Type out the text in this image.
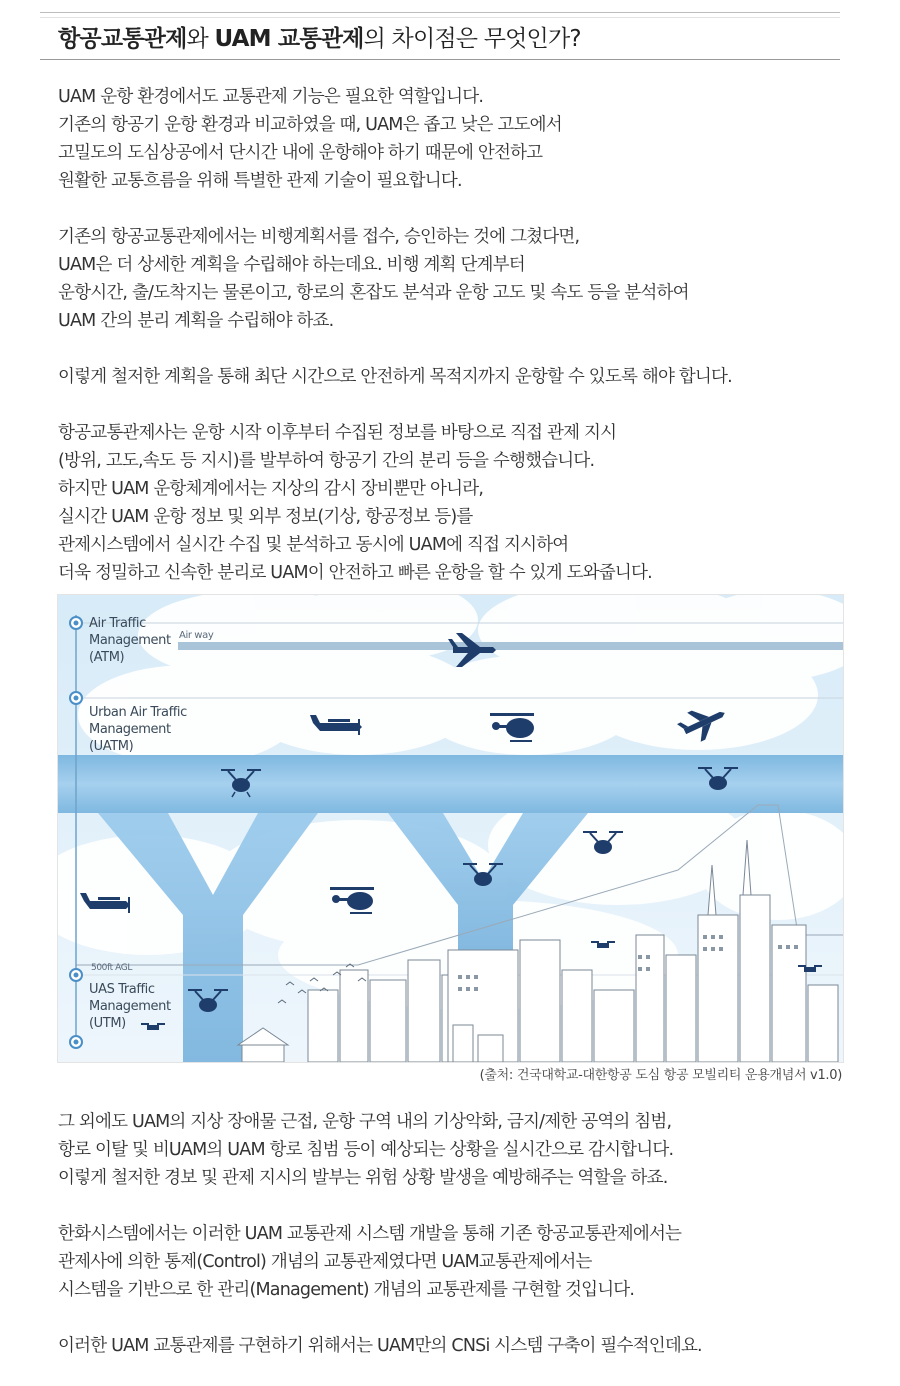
항공교통관제와 UAM 교통관제의 차이점은 무엇인가?

UAM 운항 환경에서도 교통관제 기능은 필요한 역할입니다.
기존의 항공기 운항 환경과 비교하였을 때, UAM은 좁고 낮은 고도에서
고밀도의 도심상공에서 단시간 내에 운항해야 하기 때문에 안전하고
원활한 교통흐름을 위해 특별한 관제 기술이 필요합니다.

기존의 항공교통관제에서는 비행계획서를 접수, 승인하는 것에 그쳤다면,
UAM은 더 상세한 계획을 수립해야 하는데요. 비행 계획 단계부터
운항시간, 출/도착지는 물론이고, 항로의 혼잡도 분석과 운항 고도 및 속도 등을 분석하여
UAM 간의 분리 계획을 수립해야 하죠.

이렇게 철저한 계획을 통해 최단 시간으로 안전하게 목적지까지 운항할 수 있도록 해야 합니다.

항공교통관제사는 운항 시작 이후부터 수집된 정보를 바탕으로 직접 관제 지시
(방위, 고도,속도 등 지시)를 발부하여 항공기 간의 분리 등을 수행했습니다.
하지만 UAM 운항체계에서는 지상의 감시 장비뿐만 아니라,
실시간 UAM 운항 정보 및 외부 정보(기상, 항공정보 등)를
관제시스템에서 실시간 수집 및 분석하고 동시에 UAM에 직접 지시하여
더욱 정밀하고 신속한 분리로 UAM이 안전하고 빠른 운항을 할 수 있게 도와줍니다.

Air Traffic
Management
(ATM)
Air way
Urban Air Traffic
Management
(UATM)
500ft AGL
UAS Traffic
Management
(UTM)
(출처: 건국대학교-대한항공 도심 항공 모빌리티 운용개념서 v1.0)

그 외에도 UAM의 지상 장애물 근접, 운항 구역 내의 기상악화, 금지/제한 공역의 침범,
항로 이탈 및 비UAM의 UAM 항로 침범 등이 예상되는 상황을 실시간으로 감시합니다.
이렇게 철저한 경보 및 관제 지시의 발부는 위험 상황 발생을 예방해주는 역할을 하죠.

한화시스템에서는 이러한 UAM 교통관제 시스템 개발을 통해 기존 항공교통관제에서는
관제사에 의한 통제(Control) 개념의 교통관제였다면 UAM교통관제에서는
시스템을 기반으로 한 관리(Management) 개념의 교통관제를 구현할 것입니다.

이러한 UAM 교통관제를 구현하기 위해서는 UAM만의 CNSi 시스템 구축이 필수적인데요.
